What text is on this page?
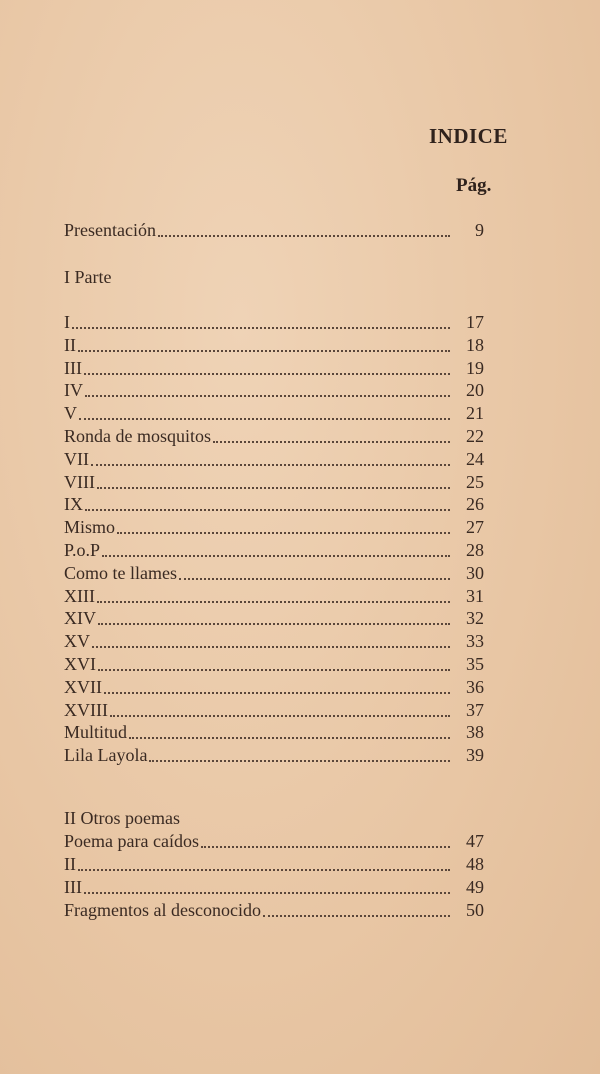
INDICE
Pág.
Presentación	9
I Parte
I	17
II	18
III	19
IV	20
V	21
Ronda de mosquitos	22
VII	24
VIII	25
IX	26
Mismo	27
P.o.P	28
Como te llames	30
XIII	31
XIV	32
XV	33
XVI	35
XVII	36
XVIII	37
Multitud	38
Lila Layola	39
II Otros poemas
Poema para caídos	47
II	48
III	49
Fragmentos al desconocido	50
